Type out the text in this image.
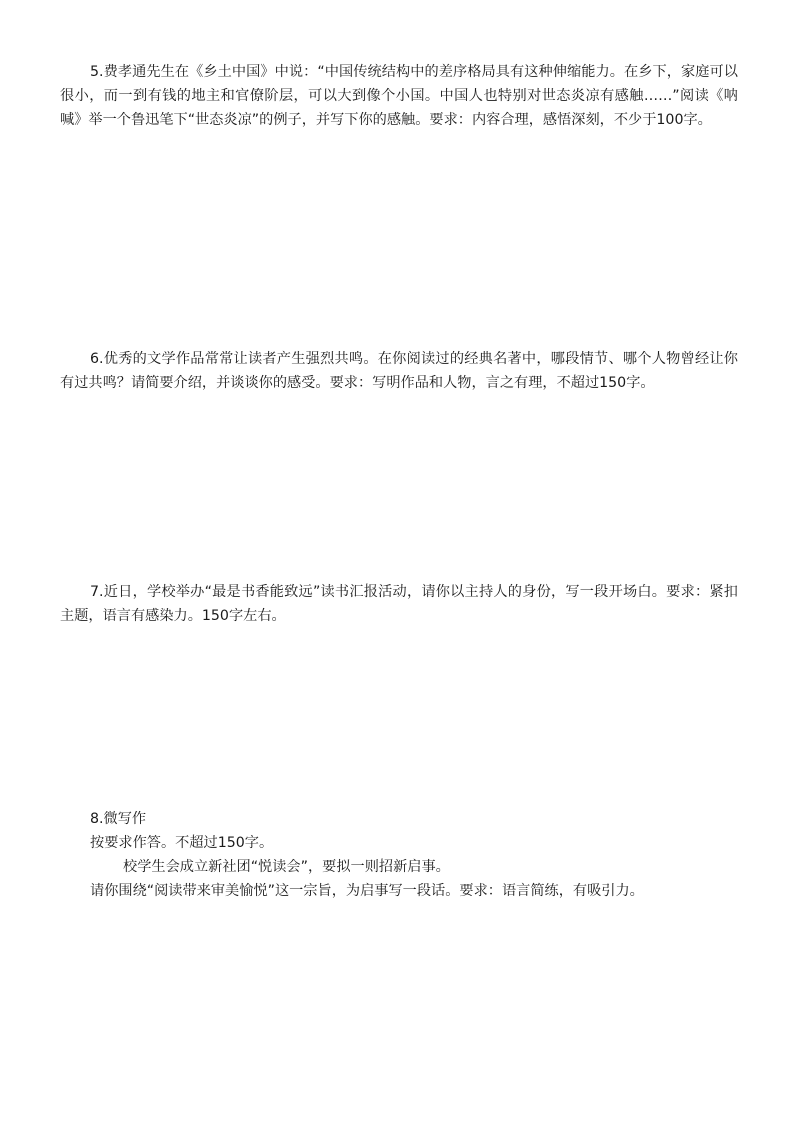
5.费孝通先生在《乡土中国》中说：“中国传统结构中的差序格局具有这种伸缩能力。在乡下，家庭可以很小，而一到有钱的地主和官僚阶层，可以大到像个小国。中国人也特别对世态炎凉有感触……”阅读《呐喊》举一个鲁迅笔下“世态炎凉”的例子，并写下你的感触。要求：内容合理，感悟深刻，不少于100字。

6.优秀的文学作品常常让读者产生强烈共鸣。在你阅读过的经典名著中，哪段情节、哪个人物曾经让你有过共鸣？请简要介绍，并谈谈你的感受。要求：写明作品和人物，言之有理，不超过150字。

7.近日，学校举办“最是书香能致远”读书汇报活动，请你以主持人的身份，写一段开场白。要求：紧扣主题，语言有感染力。150字左右。

8.微写作
按要求作答。不超过150字。
校学生会成立新社团“悦读会”，要拟一则招新启事。
请你围绕“阅读带来审美愉悦”这一宗旨，为启事写一段话。要求：语言简练，有吸引力。
